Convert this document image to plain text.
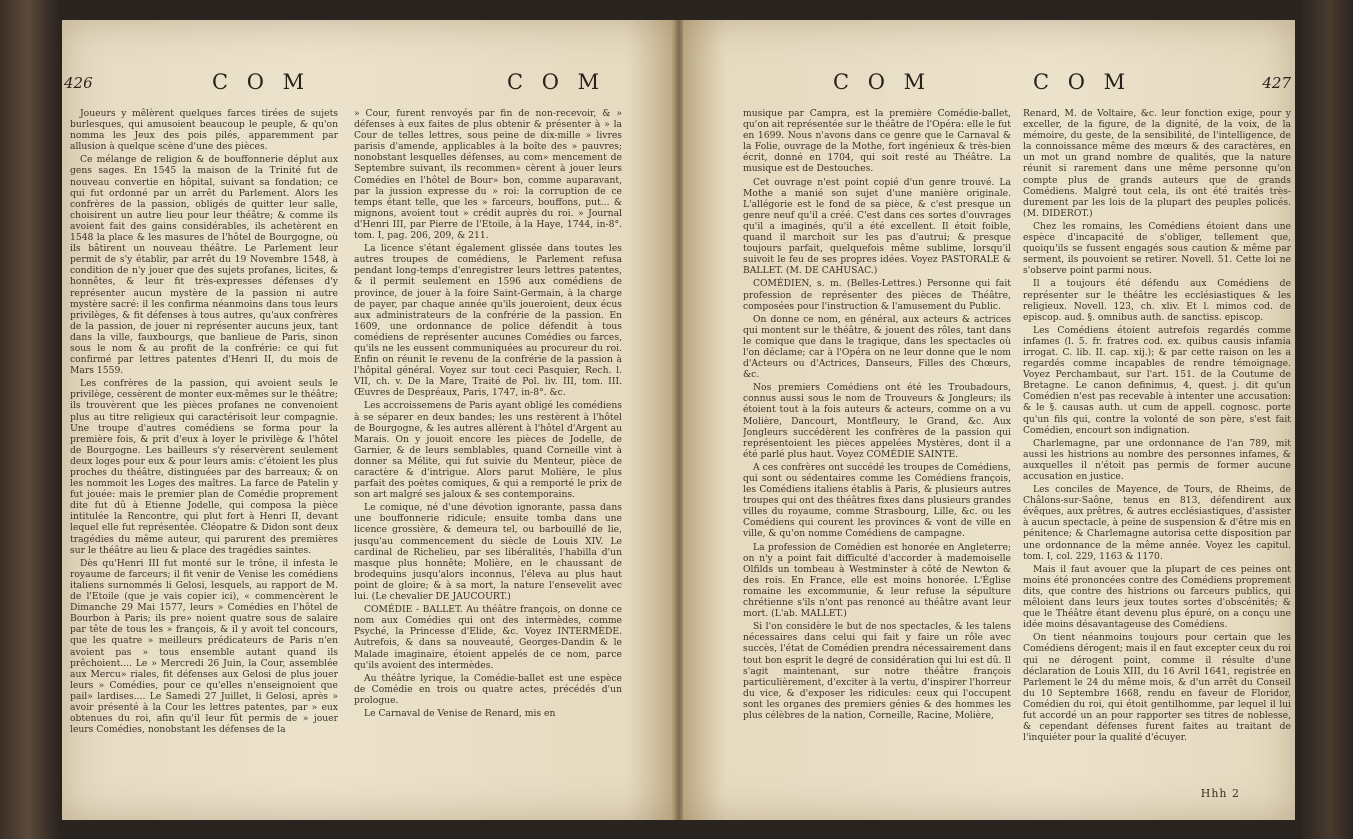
426	C O M	C O M

Joueurs y mêlèrent quelques farces tirées de sujets burlesques, qui amusoient beaucoup le peuple, & qu'on nomma les Jeux des pois pilés, apparemment par allusion à quelque scène d'une des pièces.

Ce mélange de religion & de bouffonnerie déplut aux gens sages. En 1545 la maison de la Trinité fut de nouveau convertie en hôpital, suivant sa fondation; ce qui fut ordonné par un arrêt du Parlement. Alors les confrères de la passion, obligés de quitter leur salle, choisirent un autre lieu pour leur théâtre; & comme ils avoient fait des gains considérables, ils achetèrent en 1548 la place & les masures de l'hôtel de Bourgogne, où ils bâtirent un nouveau théâtre. Le Parlement leur permit de s'y établir, par arrêt du 19 Novembre 1548, à condition de n'y jouer que des sujets profanes, licites, & honnêtes, & leur fit très-expresses défenses d'y représenter aucun mystère de la passion ni autre mystère sacré: il les confirma néanmoins dans tous leurs privilèges, & fit défenses à tous autres, qu'aux confrères de la passion, de jouer ni représenter aucuns jeux, tant dans la ville, fauxbourgs, que banlieue de Paris, sinon sous le nom & au profit de la confrérie: ce qui fut confirmé par lettres patentes d'Henri II, du mois de Mars 1559.

Les confrères de la passion, qui avoient seuls le privilège, cessèrent de monter eux-mêmes sur le théâtre; ils trouvèrent que les pièces profanes ne convenoient plus au titre religieux qui caractérisoit leur compagnie. Une troupe d'autres comédiens se forma pour la première fois, & prit d'eux à loyer le privilège & l'hôtel de Bourgogne. Les bailleurs s'y réservèrent seulement deux loges pour eux & pour leurs amis: c'étoient les plus proches du théâtre, distinguées par des barreaux; & on les nommoit les Loges des maîtres. La farce de Patelin y fut jouée: mais le premier plan de Comédie proprement dite fut dû à Etienne Jodelle, qui composa la pièce intitulée la Rencontre, qui plut fort à Henri II, devant lequel elle fut représentée. Cléopatre & Didon sont deux tragédies du même auteur, qui parurent des premières sur le théâtre au lieu & place des tragédies saintes.

Dès qu'Henri III fut monté sur le trône, il infesta le royaume de farceurs; il fit venir de Venise les comédiens italiens surnommés li Gelosi, lesquels, au rapport de M. de l'Etoile (que je vais copier ici), « commencèrent le Dimanche 29 Mai 1577, leurs » Comédies en l'hôtel de Bourbon à Paris; ils pre» noient quatre sous de salaire par tête de tous les » françois, & il y avoit tel concours, que les quatre » meilleurs prédicateurs de Paris n'en avoient pas » tous ensemble autant quand ils prêchoient.... Le » Mercredi 26 Juin, la Cour, assemblée aux Mercu» riales, fit défenses aux Gelosi de plus jouer leurs » Comédies, pour ce qu'elles n'enseignoient que pail» lardises.... Le Samedi 27 Juillet, li Gelosi, après » avoir présenté à la Cour les lettres patentes, par » eux obtenues du roi, afin qu'il leur fût permis de » jouer leurs Comédies, nonobstant les défenses de la

» Cour, furent renvoyés par fin de non-recevoir, & » défenses à eux faites de plus obtenir & présenter à » la Cour de telles lettres, sous peine de dix-mille » livres parisis d'amende, applicables à la boîte des » pauvres; nonobstant lesquelles défenses, au com» mencement de Septembre suivant, ils recommen» cèrent à jouer leurs Comédies en l'hôtel de Bour» bon, comme auparavant, par la jussion expresse du » roi: la corruption de ce temps étant telle, que les » farceurs, bouffons, put... & mignons, avoient tout » crédit auprès du roi. » Journal d'Henri III, par Pierre de l'Etoile, à la Haye, 1744, in-8°. tom. I, pag. 206, 209, & 211.

La licence s'étant également glissée dans toutes les autres troupes de comédiens, le Parlement refusa pendant long-temps d'enregistrer leurs lettres patentes, & il permit seulement en 1596 aux comédiens de province, de jouer à la foire Saint-Germain, à la charge de payer, par chaque année qu'ils joueroient, deux écus aux administrateurs de la confrérie de la passion. En 1609, une ordonnance de police défendit à tous comédiens de représenter aucunes Comédies ou farces, qu'ils ne les eussent communiquées au procureur du roi. Enfin on réunit le revenu de la confrérie de la passion à l'hôpital général. Voyez sur tout ceci Pasquier, Rech. l. VII, ch. v. De la Mare, Traité de Pol. liv. III, tom. III. Œuvres de Despréaux, Paris, 1747, in-8°. &c.

Les accroissemens de Paris ayant obligé les comédiens à se séparer en deux bandes; les uns restèrent à l'hôtel de Bourgogne, & les autres allèrent à l'hôtel d'Argent au Marais. On y jouoit encore les pièces de Jodelle, de Garnier, & de leurs semblables, quand Corneille vint à donner sa Mélite, qui fut suivie du Menteur, pièce de caractère & d'intrigue. Alors parut Molière, le plus parfait des poètes comiques, & qui a remporté le prix de son art malgré ses jaloux & ses contemporains.

Le comique, né d'une dévotion ignorante, passa dans une bouffonnerie ridicule; ensuite tomba dans une licence grossière, & demeura tel, ou barbouillé de lie, jusqu'au commencement du siècle de Louis XIV. Le cardinal de Richelieu, par ses libéralités, l'habilla d'un masque plus honnête; Molière, en le chaussant de brodequins jusqu'alors inconnus, l'éleva au plus haut point de gloire; & à sa mort, la nature l'ensevelit avec lui. (Le chevalier DE JAUCOURT.)

COMÉDIE - BALLET. Au théâtre françois, on donne ce nom aux Comédies qui ont des intermèdes, comme Psyché, la Princesse d'Elide, &c. Voyez INTERMÈDE. Autrefois, & dans sa nouveauté, Georges-Dandin & le Malade imaginaire, étoient appelés de ce nom, parce qu'ils avoient des intermèdes.

Au théâtre lyrique, la Comédie-ballet est une espèce de Comédie en trois ou quatre actes, précédés d'un prologue.

Le Carnaval de Venise de Renard, mis en

C O M	C O M	427

musique par Campra, est la première Comédie-ballet, qu'on ait représentée sur le théâtre de l'Opéra: elle le fut en 1699. Nous n'avons dans ce genre que le Carnaval & la Folie, ouvrage de la Mothe, fort ingénieux & très-bien écrit, donné en 1704, qui soit resté au Théâtre. La musique est de Destouches.

Cet ouvrage n'est point copié d'un genre trouvé. La Mothe a manié son sujet d'une manière originale. L'allégorie est le fond de sa pièce, & c'est presque un genre neuf qu'il a créé. C'est dans ces sortes d'ouvrages qu'il a imaginés, qu'il a été excellent. Il étoit foible, quand il marchoit sur les pas d'autrui; & presque toujours parfait, quelquefois même sublime, lorsqu'il suivoit le feu de ses propres idées. Voyez PASTORALE & BALLET. (M. DE CAHUSAC.)

COMÉDIEN, s. m. (Belles-Lettres.) Personne qui fait profession de représenter des pièces de Théâtre, composées pour l'instruction & l'amusement du Public.

On donne ce nom, en général, aux acteurs & actrices qui montent sur le théâtre, & jouent des rôles, tant dans le comique que dans le tragique, dans les spectacles où l'on déclame; car à l'Opéra on ne leur donne que le nom d'Acteurs ou d'Actrices, Danseurs, Filles des Chœurs, &c.

Nos premiers Comédiens ont été les Troubadours, connus aussi sous le nom de Trouveurs & Jongleurs; ils étoient tout à la fois auteurs & acteurs, comme on a vu Molière, Dancourt, Montfleury, le Grand, &c. Aux Jongleurs succédèrent les confrères de la passion qui représentoient les pièces appelées Mystères, dont il a été parlé plus haut. Voyez COMÉDIE SAINTE.

A ces confrères ont succédé les troupes de Comédiens, qui sont ou sédentaires comme les Comédiens françois, les Comédiens italiens établis à Paris, & plusieurs autres troupes qui ont des théâtres fixes dans plusieurs grandes villes du royaume, comme Strasbourg, Lille, &c. ou les Comédiens qui courent les provinces & vont de ville en ville, & qu'on nomme Comédiens de campagne.

La profession de Comédien est honorée en Angleterre; on n'y a point fait difficulté d'accorder à mademoiselle Olfilds un tombeau à Westminster à côté de Newton & des rois. En France, elle est moins honorée. L'Église romaine les excommunie, & leur refuse la sépulture chrétienne s'ils n'ont pas renoncé au théâtre avant leur mort. (L'ab. MALLET.)

Si l'on considère le but de nos spectacles, & les talens nécessaires dans celui qui fait y faire un rôle avec succès, l'état de Comédien prendra nécessairement dans tout bon esprit le degré de considération qui lui est dû. Il s'agit maintenant, sur notre théâtre françois particulièrement, d'exciter à la vertu, d'inspirer l'horreur du vice, & d'exposer les ridicules: ceux qui l'occupent sont les organes des premiers génies & des hommes les plus célèbres de la nation, Corneille, Racine, Molière,

Renard, M. de Voltaire, &c. leur fonction exige, pour y exceller, de la figure, de la dignité, de la voix, de la mémoire, du geste, de la sensibilité, de l'intelligence, de la connoissance même des mœurs & des caractères, en un mot un grand nombre de qualités, que la nature réunit si rarement dans une même personne qu'on compte plus de grands auteurs que de grands Comédiens. Malgré tout cela, ils ont été traités très-durement par les lois de la plupart des peuples policés. (M. DIDEROT.)

Chez les romains, les Comédiens étoient dans une espèce d'incapacité de s'obliger, tellement que, quoiqu'ils se fussent engagés sous caution & même par serment, ils pouvoient se retirer. Novell. 51. Cette loi ne s'observe point parmi nous.

Il a toujours été défendu aux Comédiens de représenter sur le théâtre les ecclésiastiques & les religieux. Novell. 123, ch. xliv. Et l. mimos cod. de episcop. aud. §. omnibus auth. de sanctiss. episcop.

Les Comédiens étoient autrefois regardés comme infames (l. 5. fr. fratres cod. ex. quibus causis infamia irrogat. C. lib. II. cap. xij.); & par cette raison on les a regardés comme incapables de rendre témoignage. Voyez Perchambaut, sur l'art. 151. de la Coutume de Bretagne. Le canon definimus, 4, quest. j. dit qu'un Comédien n'est pas recevable à intenter une accusation: & le §. causas auth. ut cum de appell. cognosc. porte qu'un fils qui, contre la volonté de son père, s'est fait Comédien, encourt son indignation.

Charlemagne, par une ordonnance de l'an 789, mit aussi les histrions au nombre des personnes infames, & auxquelles il n'étoit pas permis de former aucune accusation en justice.

Les conciles de Mayence, de Tours, de Rheims, de Châlons-sur-Saône, tenus en 813, défendirent aux évêques, aux prêtres, & autres ecclésiastiques, d'assister à aucun spectacle, à peine de suspension & d'être mis en pénitence; & Charlemagne autorisa cette disposition par une ordonnance de la même année. Voyez les capitul. tom. I, col. 229, 1163 & 1170.

Mais il faut avouer que la plupart de ces peines ont moins été prononcées contre des Comédiens proprement dits, que contre des histrions ou farceurs publics, qui mêloient dans leurs jeux toutes sortes d'obscénités; & que le Théâtre étant devenu plus épuré, on a conçu une idée moins désavantageuse des Comédiens.

On tient néanmoins toujours pour certain que les Comédiens dérogent; mais il en faut excepter ceux du roi qui ne dérogent point, comme il résulte d'une déclaration de Louis XIII, du 16 Avril 1641, registrée en Parlement le 24 du même mois, & d'un arrêt du Conseil du 10 Septembre 1668, rendu en faveur de Floridor, Comédien du roi, qui étoit gentilhomme, par lequel il lui fut accordé un an pour rapporter ses titres de noblesse, & cependant défenses furent faites au traitant de l'inquiéter pour la qualité d'écuyer.

Hhh 2
